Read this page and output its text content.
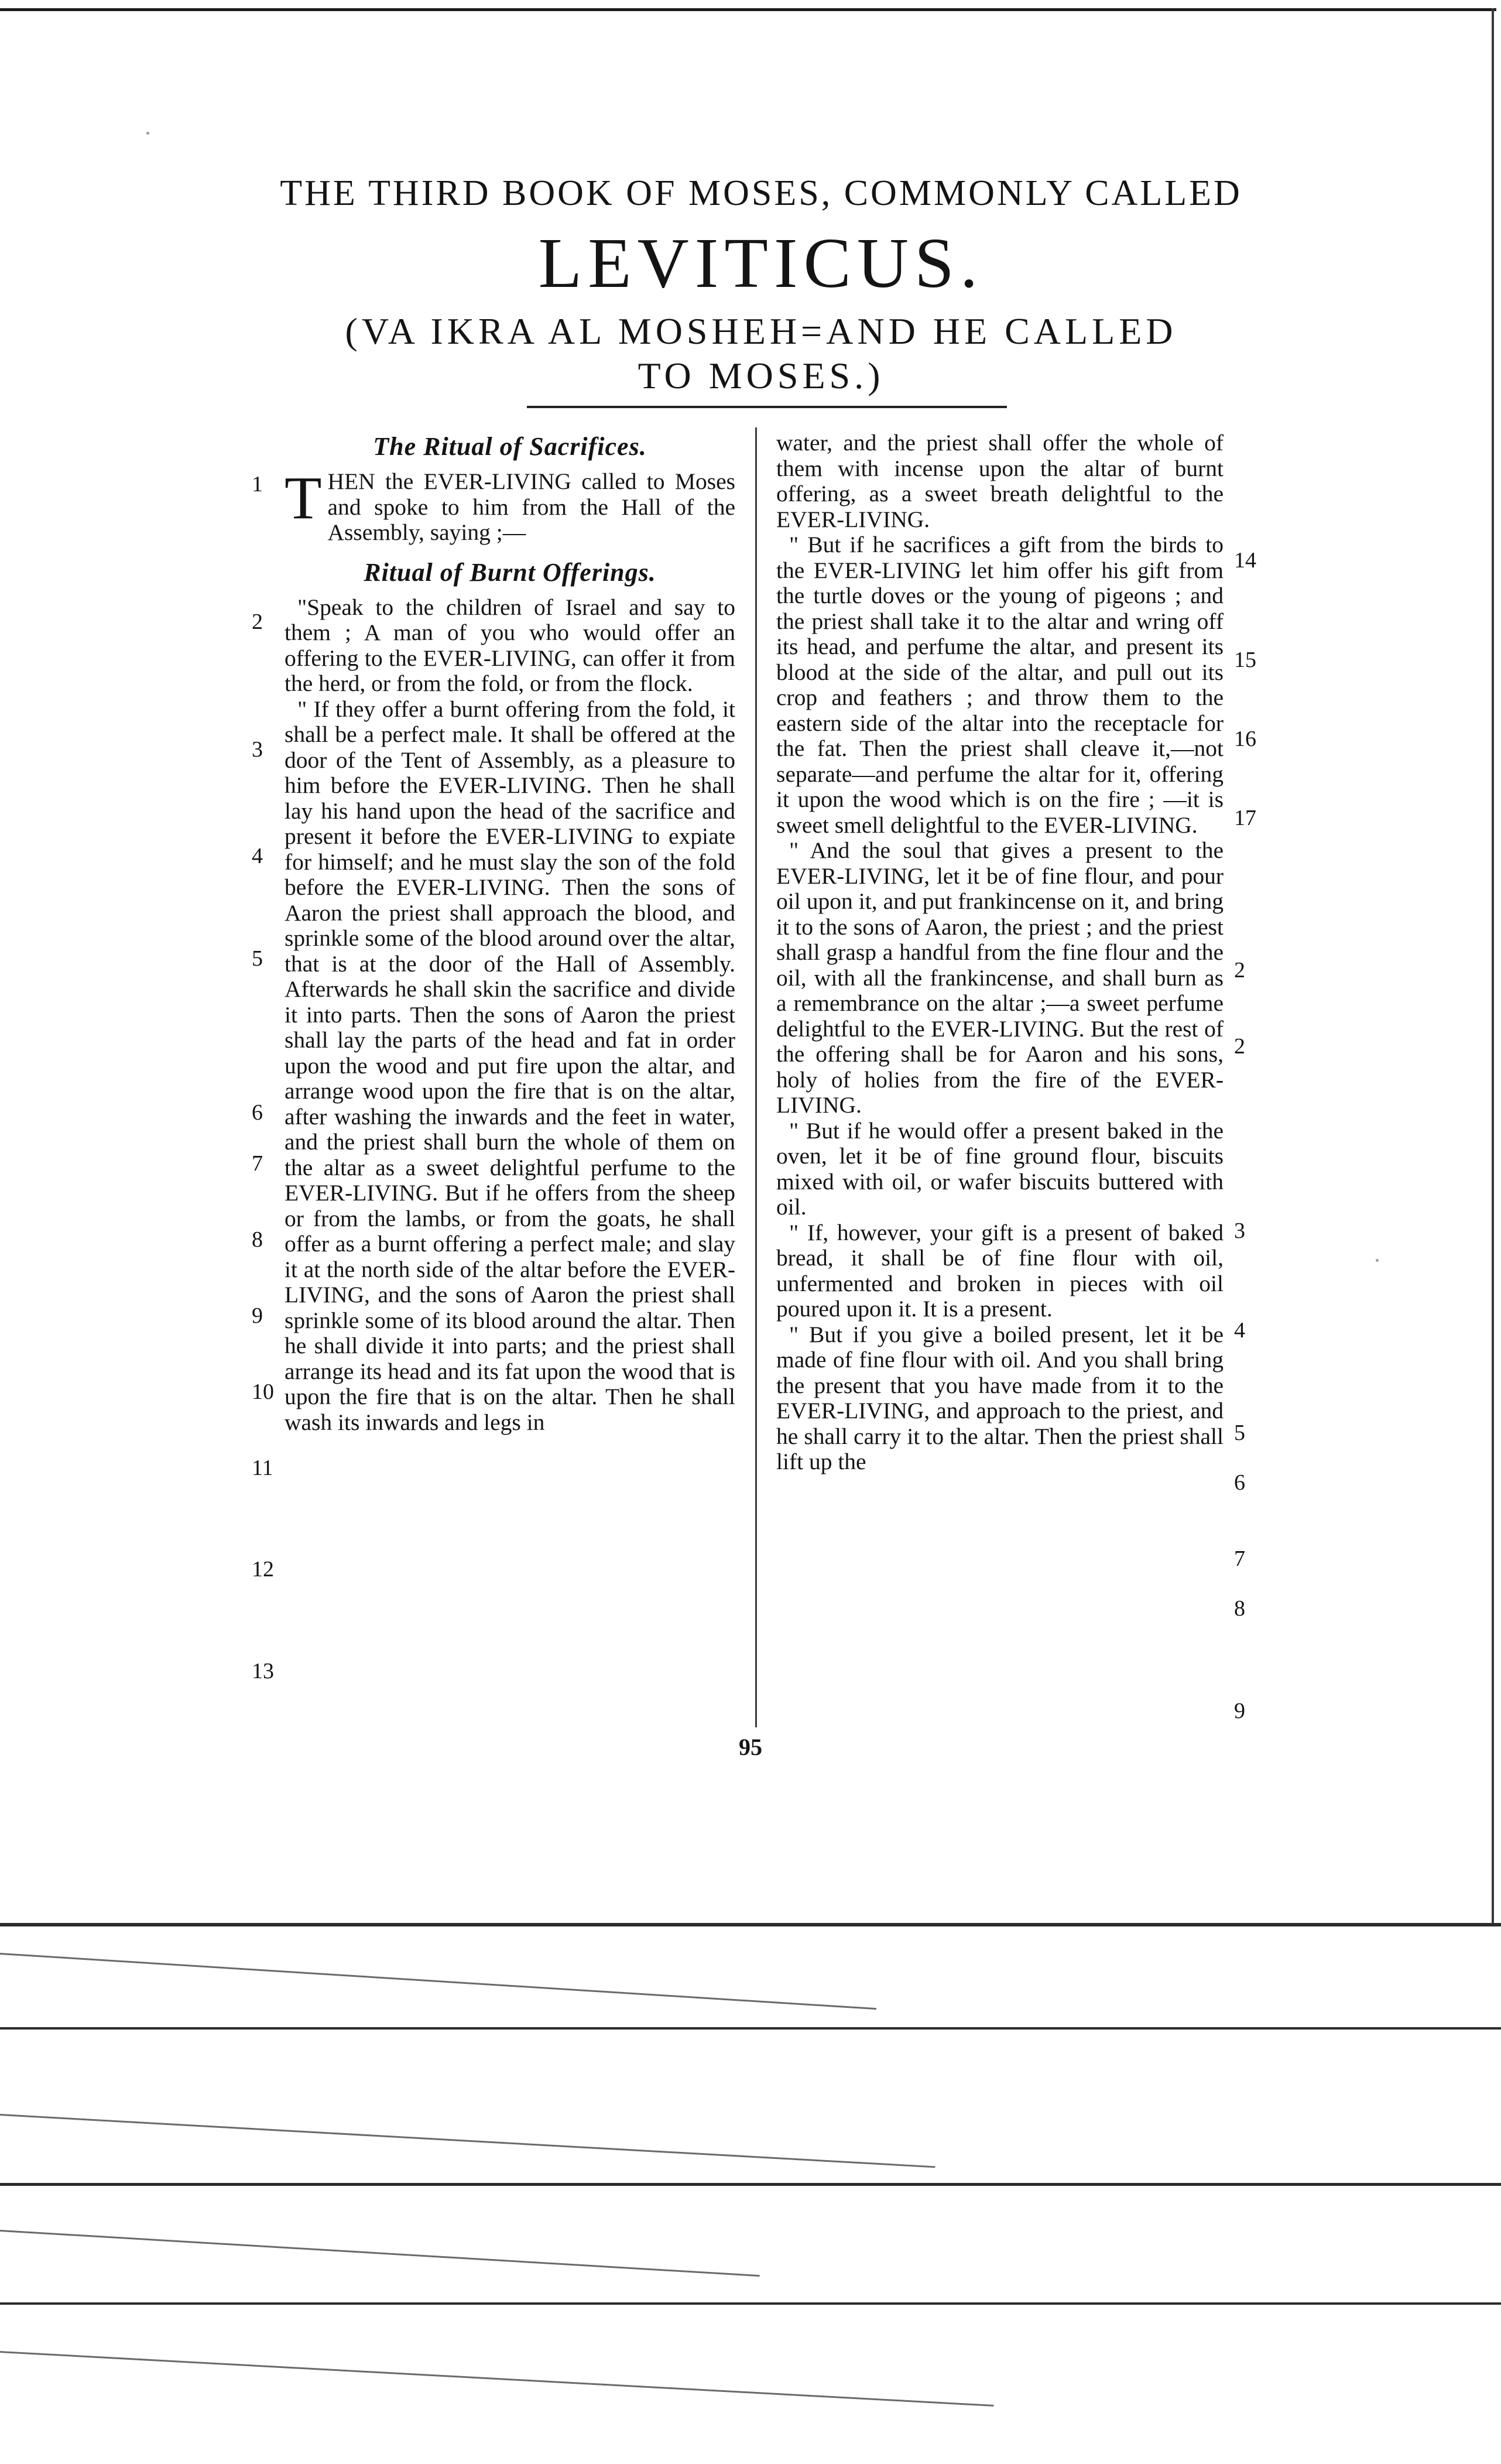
THE THIRD BOOK OF MOSES, COMMONLY CALLED
LEVITICUS.
(VA IKRA AL MOSHEH=AND HE CALLED TO MOSES.)
The Ritual of Sacrifices.

THEN the EVER-LIVING called to Moses and spoke to him from the Hall of the Assembly, saying ;—

Ritual of Burnt Offerings.

"Speak to the children of Israel and say to them ; A man of you who would offer an offering to the EVER-LIVING, can offer it from the herd, or from the fold, or from the flock.

" If they offer a burnt offering from the fold, it shall be a perfect male. It shall be offered at the door of the Tent of Assembly, as a pleasure to him before the EVER-LIVING. Then he shall lay his hand upon the head of the sacrifice and present it before the EVER-LIVING to expiate for himself; and he must slay the son of the fold before the EVER-LIVING. Then the sons of Aaron the priest shall approach the blood, and sprinkle some of the blood around over the altar, that is at the door of the Hall of Assembly. Afterwards he shall skin the sacrifice and divide it into parts. Then the sons of Aaron the priest shall lay the parts of the head and fat in order upon the wood and put fire upon the altar, and arrange wood upon the fire that is on the altar, after washing the inwards and the feet in water, and the priest shall burn the whole of them on the altar as a sweet delightful perfume to the EVER-LIVING. But if he offers from the sheep or from the lambs, or from the goats, he shall offer as a burnt offering a perfect male; and slay it at the north side of the altar before the EVER-LIVING, and the sons of Aaron the priest shall sprinkle some of its blood around the altar. Then he shall divide it into parts; and the priest shall arrange its head and its fat upon the wood that is upon the fire that is on the altar. Then he shall wash its inwards and legs in

water, and the priest shall offer the whole of them with incense upon the altar of burnt offering, as a sweet breath delightful to the EVER-LIVING.

" But if he sacrifices a gift from the birds to the EVER-LIVING let him offer his gift from the turtle doves or the young of pigeons ; and the priest shall take it to the altar and wring off its head, and perfume the altar, and present its blood at the side of the altar, and pull out its crop and feathers ; and throw them to the eastern side of the altar into the receptacle for the fat. Then the priest shall cleave it,—not separate—and perfume the altar for it, offering it upon the wood which is on the fire ; —it is sweet smell delightful to the EVER-LIVING.

" And the soul that gives a present to the EVER-LIVING, let it be of fine flour, and pour oil upon it, and put frankincense on it, and bring it to the sons of Aaron, the priest ; and the priest shall grasp a handful from the fine flour and the oil, with all the frankincense, and shall burn as a remembrance on the altar ;—a sweet perfume delightful to the EVER-LIVING. But the rest of the offering shall be for Aaron and his sons, holy of holies from the fire of the EVER-LIVING.

" But if he would offer a present baked in the oven, let it be of fine ground flour, biscuits mixed with oil, or wafer biscuits buttered with oil.

" If, however, your gift is a present of baked bread, it shall be of fine flour with oil, unfermented and broken in pieces with oil poured upon it. It is a present.

" But if you give a boiled present, let it be made of fine flour with oil. And you shall bring the present that you have made from it to the EVER-LIVING, and approach to the priest, and he shall carry it to the altar. Then the priest shall lift up the

1
2
3
4
5
6
7
8
9
10
11
12
13
14
15
16
17
2
2
3
4
5
6
7
8
9
95
